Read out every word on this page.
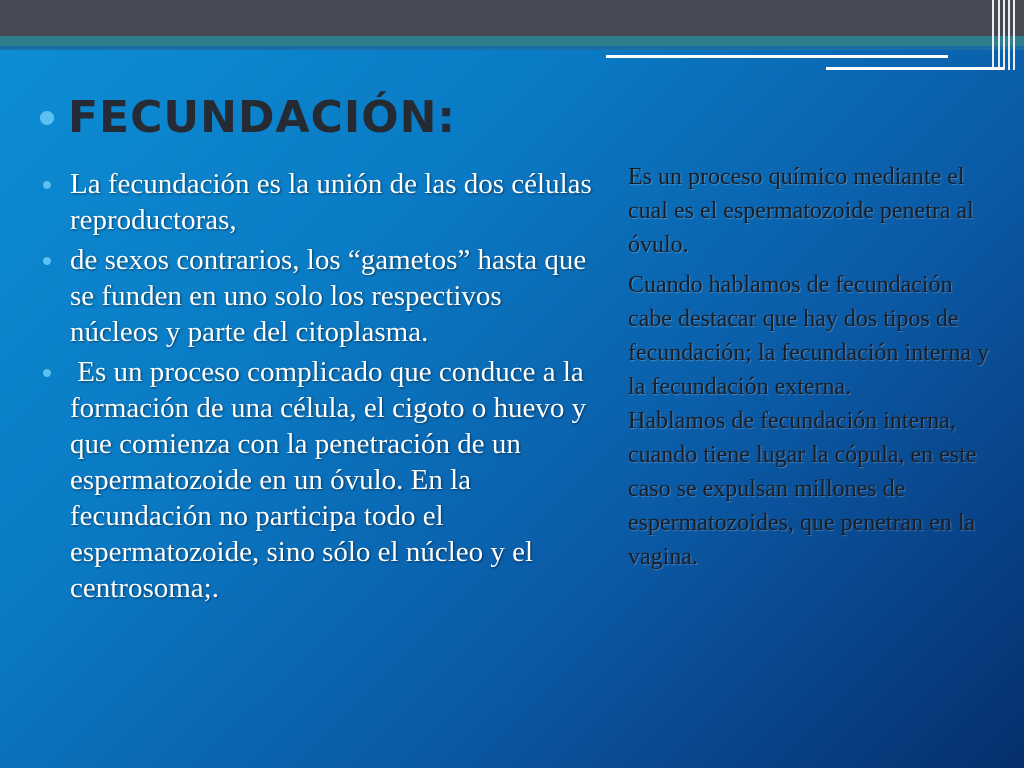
FECUNDACIÓN:
La fecundación es la unión de las dos células reproductoras,
de sexos contrarios, los “gametos” hasta que se funden en uno solo los respectivos núcleos y parte del citoplasma.
Es un proceso complicado que conduce a la formación de una célula, el cigoto o huevo y que comienza con la penetración de un espermatozoide en un óvulo. En la fecundación no participa todo el espermatozoide, sino sólo el núcleo y el centrosoma;.

Es un proceso químico mediante el cual es el espermatozoide penetra al óvulo.

Cuando hablamos de fecundación cabe destacar que hay dos tipos de fecundación; la fecundación interna y la fecundación externa.

Hablamos de fecundación interna, cuando tiene lugar la cópula, en este caso se expulsan millones de espermatozoides, que penetran en la vagina.
